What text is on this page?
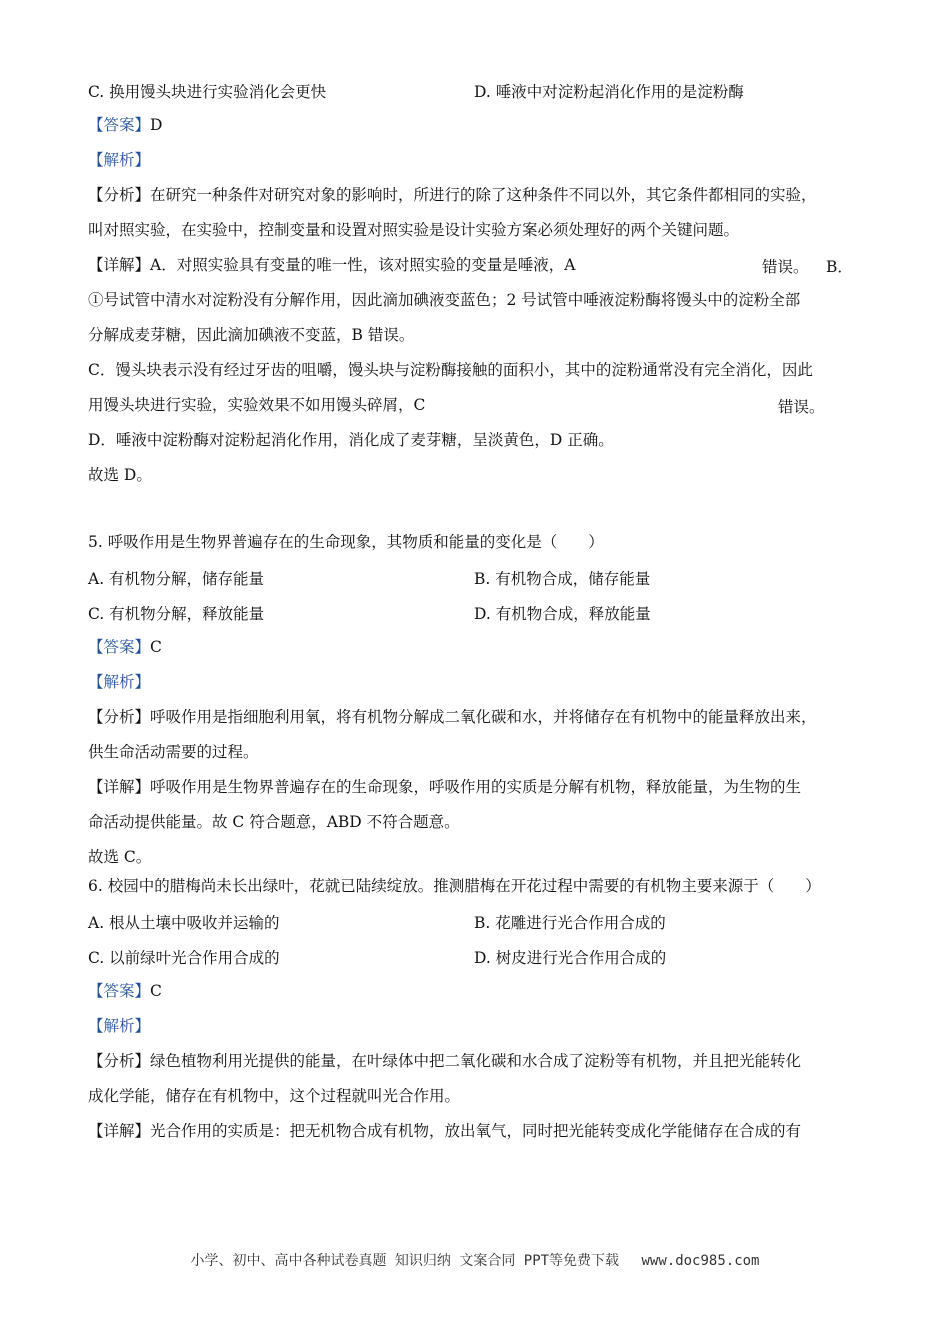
C. 换用馒头块进行实验消化会更快	D. 唾液中对淀粉起消化作用的是淀粉酶
【答案】D
【解析】
【分析】在研究一种条件对研究对象的影响时，所进行的除了这种条件不同以外，其它条件都相同的实验，
叫对照实验，在实验中，控制变量和设置对照实验是设计实验方案必须处理好的两个关键问题。
【详解】A．对照实验具有变量的唯一性，该对照实验的变量是唾液，A	错误。 B．
①号试管中清水对淀粉没有分解作用，因此滴加碘液变蓝色；2 号试管中唾液淀粉酶将馒头中的淀粉全部
分解成麦芽糖，因此滴加碘液不变蓝，B 错误。
C．馒头块表示没有经过牙齿的咀嚼，馒头块与淀粉酶接触的面积小，其中的淀粉通常没有完全消化，因此
用馒头块进行实验，实验效果不如用馒头碎屑，C	错误。
D．唾液中淀粉酶对淀粉起消化作用，消化成了麦芽糖，呈淡黄色，D 正确。
故选 D。
5. 呼吸作用是生物界普遍存在的生命现象，其物质和能量的变化是（　　）
A. 有机物分解，储存能量	B. 有机物合成，储存能量
C. 有机物分解，释放能量	D. 有机物合成，释放能量
【答案】C
【解析】
【分析】呼吸作用是指细胞利用氧，将有机物分解成二氧化碳和水，并将储存在有机物中的能量释放出来，
供生命活动需要的过程。
【详解】呼吸作用是生物界普遍存在的生命现象，呼吸作用的实质是分解有机物，释放能量，为生物的生
命活动提供能量。故 C 符合题意，ABD 不符合题意。
故选 C。
6. 校园中的腊梅尚未长出绿叶，花就已陆续绽放。推测腊梅在开花过程中需要的有机物主要来源于（　　）
A. 根从土壤中吸收并运输的	B. 花雕进行光合作用合成的
C. 以前绿叶光合作用合成的	D. 树皮进行光合作用合成的
【答案】C
【解析】
【分析】绿色植物利用光提供的能量，在叶绿体中把二氧化碳和水合成了淀粉等有机物，并且把光能转化
成化学能，储存在有机物中，这个过程就叫光合作用。
【详解】光合作用的实质是：把无机物合成有机物，放出氧气，同时把光能转变成化学能储存在合成的有
小学、初中、高中各种试卷真题 知识归纳 文案合同 PPT等免费下载　 www.doc985.com
